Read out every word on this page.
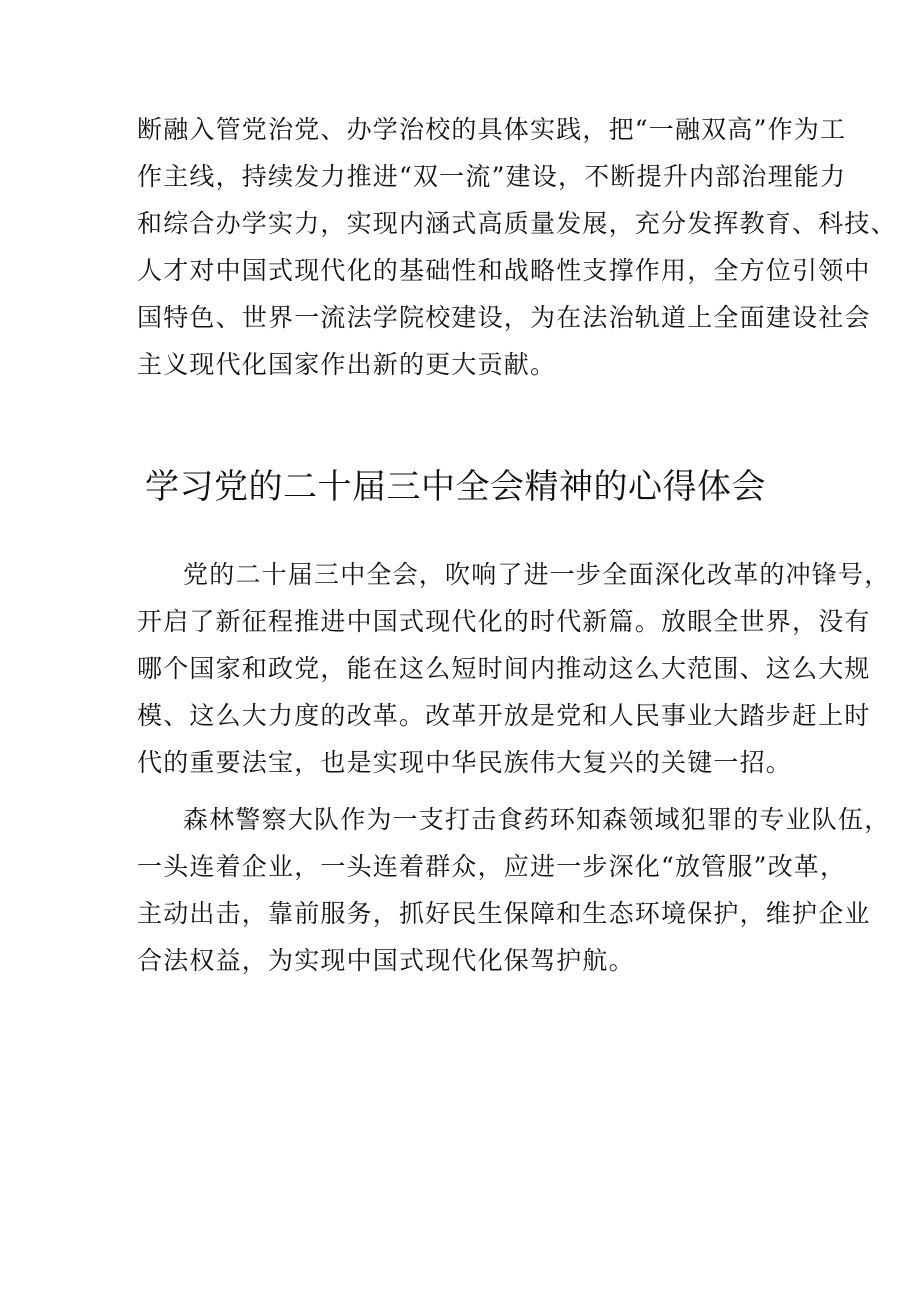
断融入管党治党、办学治校的具体实践，把“一融双高”作为工
作主线，持续发力推进“双一流”建设，不断提升内部治理能力
和综合办学实力，实现内涵式高质量发展，充分发挥教育、科技、
人才对中国式现代化的基础性和战略性支撑作用，全方位引领中
国特色、世界一流法学院校建设，为在法治轨道上全面建设社会
主义现代化国家作出新的更大贡献。
学习党的二十届三中全会精神的心得体会
党的二十届三中全会，吹响了进一步全面深化改革的冲锋号，
开启了新征程推进中国式现代化的时代新篇。放眼全世界，没有
哪个国家和政党，能在这么短时间内推动这么大范围、这么大规
模、这么大力度的改革。改革开放是党和人民事业大踏步赶上时
代的重要法宝，也是实现中华民族伟大复兴的关键一招。
森林警察大队作为一支打击食药环知森领域犯罪的专业队伍，
一头连着企业，一头连着群众，应进一步深化“放管服”改革，
主动出击，靠前服务，抓好民生保障和生态环境保护，维护企业
合法权益，为实现中国式现代化保驾护航。
